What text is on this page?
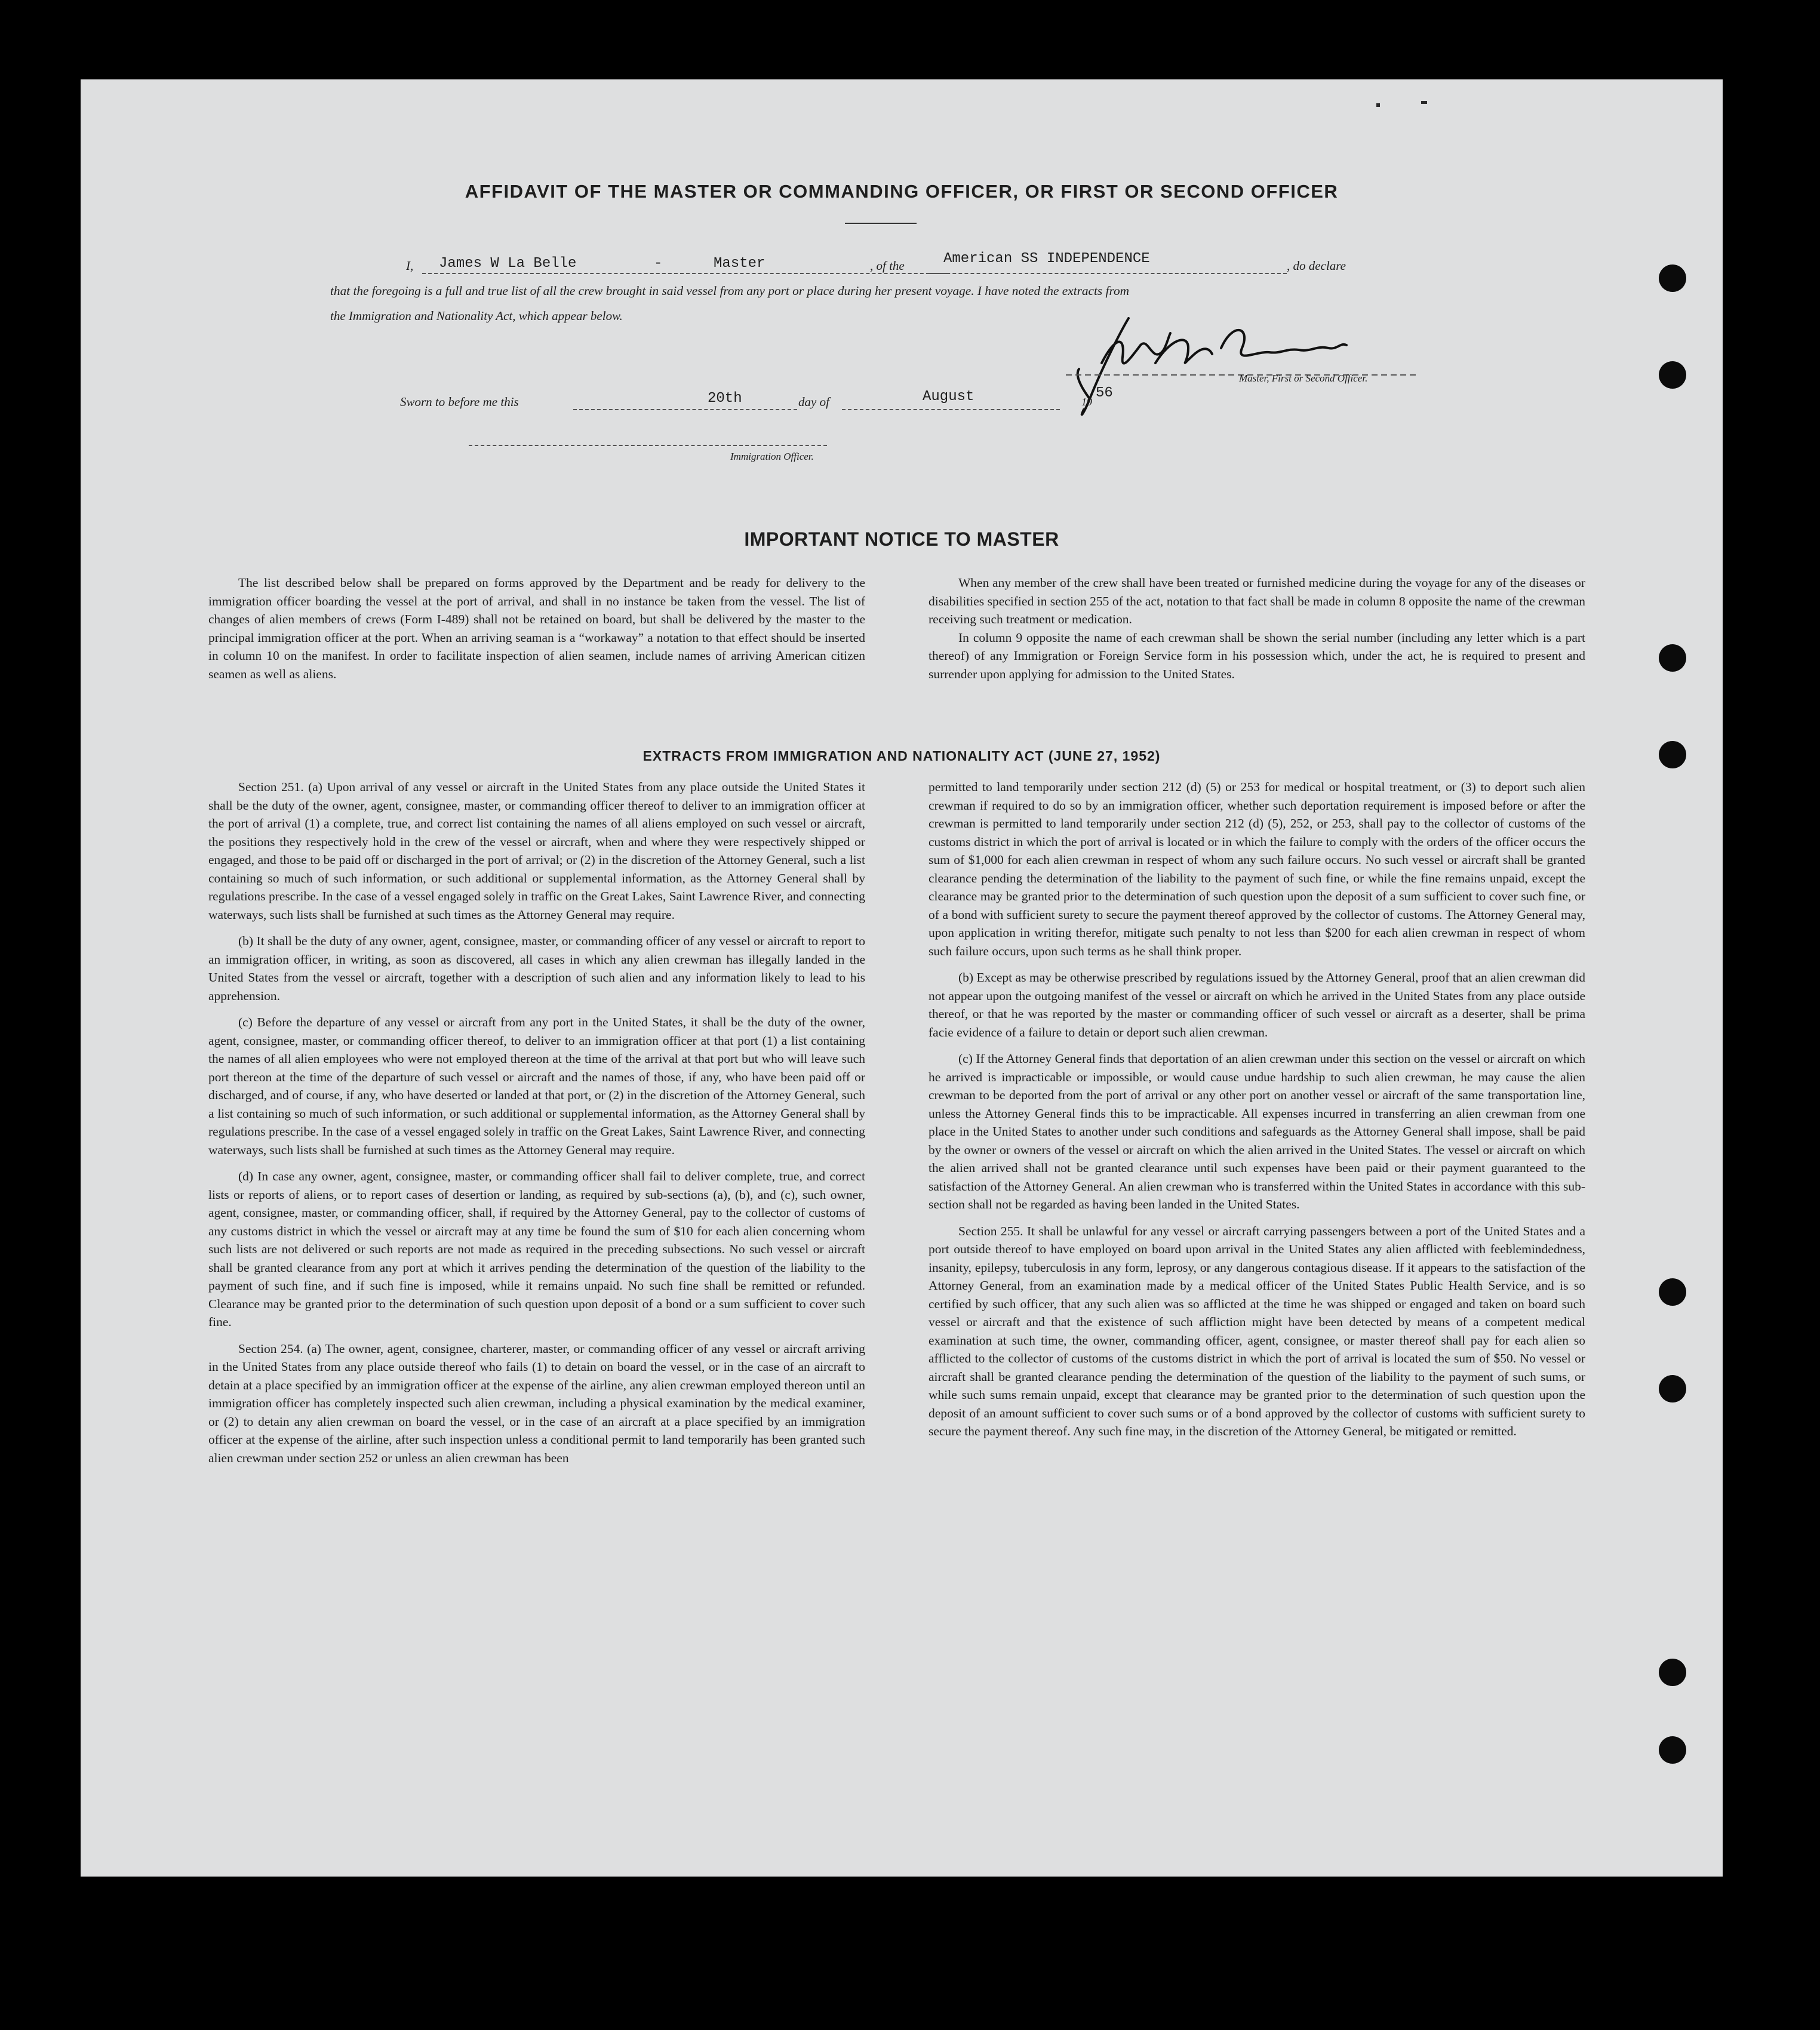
AFFIDAVIT OF THE MASTER OR COMMANDING OFFICER, OR FIRST OR SECOND OFFICER
I, James W La Belle	-	Master	, of the	American SS INDEPENDENCE	, do declare
that the foregoing is a full and true list of all the crew brought in said vessel from any port or place during her present voyage. I have noted the extracts from
the Immigration and Nationality Act, which appear below.
Master, First or Second Officer.
Sworn to before me this	20th	day of	August	19
56
Immigration Officer.
IMPORTANT NOTICE TO MASTER

The list described below shall be prepared on forms approved by the Department and be ready for delivery to the immigration officer boarding the vessel at the port of arrival, and shall in no instance be taken from the vessel. The list of changes of alien members of crews (Form I-489) shall not be retained on board, but shall be delivered by the master to the principal immigration officer at the port. When an arriving seaman is a “workaway” a notation to that effect should be inserted in column 10 on the manifest. In order to facilitate inspection of alien seamen, include names of arriving American citizen seamen as well as aliens.

When any member of the crew shall have been treated or furnished medicine during the voyage for any of the diseases or disabilities specified in section 255 of the act, notation to that fact shall be made in column 8 opposite the name of the crewman receiving such treatment or medication.

In column 9 opposite the name of each crewman shall be shown the serial number (including any letter which is a part thereof) of any Immigration or Foreign Service form in his possession which, under the act, he is required to present and surrender upon applying for admission to the United States.

EXTRACTS FROM IMMIGRATION AND NATIONALITY ACT (JUNE 27, 1952)

Section 251. (a) Upon arrival of any vessel or aircraft in the United States from any place outside the United States it shall be the duty of the owner, agent, consignee, master, or commanding officer thereof to deliver to an immigration officer at the port of arrival (1) a complete, true, and correct list containing the names of all aliens employed on such vessel or aircraft, the positions they respectively hold in the crew of the vessel or aircraft, when and where they were respectively shipped or engaged, and those to be paid off or discharged in the port of arrival; or (2) in the discretion of the Attorney General, such a list containing so much of such information, or such additional or supplemental information, as the Attorney General shall by regulations prescribe. In the case of a vessel engaged solely in traffic on the Great Lakes, Saint Lawrence River, and connecting waterways, such lists shall be furnished at such times as the Attorney General may require.

(b) It shall be the duty of any owner, agent, consignee, master, or commanding officer of any vessel or aircraft to report to an immigration officer, in writing, as soon as discovered, all cases in which any alien crewman has illegally landed in the United States from the vessel or aircraft, together with a description of such alien and any information likely to lead to his apprehension.

(c) Before the departure of any vessel or aircraft from any port in the United States, it shall be the duty of the owner, agent, consignee, master, or commanding officer thereof, to deliver to an immigration officer at that port (1) a list containing the names of all alien employees who were not employed thereon at the time of the arrival at that port but who will leave such port thereon at the time of the departure of such vessel or aircraft and the names of those, if any, who have been paid off or discharged, and of course, if any, who have deserted or landed at that port, or (2) in the discretion of the Attorney General, such a list containing so much of such information, or such additional or supplemental information, as the Attorney General shall by regulations prescribe. In the case of a vessel engaged solely in traffic on the Great Lakes, Saint Lawrence River, and connecting waterways, such lists shall be furnished at such times as the Attorney General may require.

(d) In case any owner, agent, consignee, master, or commanding officer shall fail to deliver complete, true, and correct lists or reports of aliens, or to report cases of desertion or landing, as required by sub-sections (a), (b), and (c), such owner, agent, consignee, master, or commanding officer, shall, if required by the Attorney General, pay to the collector of customs of any customs district in which the vessel or aircraft may at any time be found the sum of $10 for each alien concerning whom such lists are not delivered or such reports are not made as required in the preceding subsections. No such vessel or aircraft shall be granted clearance from any port at which it arrives pending the determination of the question of the liability to the payment of such fine, and if such fine is imposed, while it remains unpaid. No such fine shall be remitted or refunded. Clearance may be granted prior to the determination of such question upon deposit of a bond or a sum sufficient to cover such fine.

Section 254. (a) The owner, agent, consignee, charterer, master, or commanding officer of any vessel or aircraft arriving in the United States from any place outside thereof who fails (1) to detain on board the vessel, or in the case of an aircraft to detain at a place specified by an immigration officer at the expense of the airline, any alien crewman employed thereon until an immigration officer has completely inspected such alien crewman, including a physical examination by the medical examiner, or (2) to detain any alien crewman on board the vessel, or in the case of an aircraft at a place specified by an immigration officer at the expense of the airline, after such inspection unless a conditional permit to land temporarily has been granted such alien crewman under section 252 or unless an alien crewman has been

permitted to land temporarily under section 212 (d) (5) or 253 for medical or hospital treatment, or (3) to deport such alien crewman if required to do so by an immigration officer, whether such deportation requirement is imposed before or after the crewman is permitted to land temporarily under section 212 (d) (5), 252, or 253, shall pay to the collector of customs of the customs district in which the port of arrival is located or in which the failure to comply with the orders of the officer occurs the sum of $1,000 for each alien crewman in respect of whom any such failure occurs. No such vessel or aircraft shall be granted clearance pending the determination of the liability to the payment of such fine, or while the fine remains unpaid, except the clearance may be granted prior to the determination of such question upon the deposit of a sum sufficient to cover such fine, or of a bond with sufficient surety to secure the payment thereof approved by the collector of customs. The Attorney General may, upon application in writing therefor, mitigate such penalty to not less than $200 for each alien crewman in respect of whom such failure occurs, upon such terms as he shall think proper.

(b) Except as may be otherwise prescribed by regulations issued by the Attorney General, proof that an alien crewman did not appear upon the outgoing manifest of the vessel or aircraft on which he arrived in the United States from any place outside thereof, or that he was reported by the master or commanding officer of such vessel or aircraft as a deserter, shall be prima facie evidence of a failure to detain or deport such alien crewman.

(c) If the Attorney General finds that deportation of an alien crewman under this section on the vessel or aircraft on which he arrived is impracticable or impossible, or would cause undue hardship to such alien crewman, he may cause the alien crewman to be deported from the port of arrival or any other port on another vessel or aircraft of the same transportation line, unless the Attorney General finds this to be impracticable. All expenses incurred in transferring an alien crewman from one place in the United States to another under such conditions and safeguards as the Attorney General shall impose, shall be paid by the owner or owners of the vessel or aircraft on which the alien arrived in the United States. The vessel or aircraft on which the alien arrived shall not be granted clearance until such expenses have been paid or their payment guaranteed to the satisfaction of the Attorney General. An alien crewman who is transferred within the United States in accordance with this sub-section shall not be regarded as having been landed in the United States.

Section 255. It shall be unlawful for any vessel or aircraft carrying passengers between a port of the United States and a port outside thereof to have employed on board upon arrival in the United States any alien afflicted with feeblemindedness, insanity, epilepsy, tuberculosis in any form, leprosy, or any dangerous contagious disease. If it appears to the satisfaction of the Attorney General, from an examination made by a medical officer of the United States Public Health Service, and is so certified by such officer, that any such alien was so afflicted at the time he was shipped or engaged and taken on board such vessel or aircraft and that the existence of such affliction might have been detected by means of a competent medical examination at such time, the owner, commanding officer, agent, consignee, or master thereof shall pay for each alien so afflicted to the collector of customs of the customs district in which the port of arrival is located the sum of $50. No vessel or aircraft shall be granted clearance pending the determination of the question of the liability to the payment of such sums, or while such sums remain unpaid, except that clearance may be granted prior to the determination of such question upon the deposit of an amount sufficient to cover such sums or of a bond approved by the collector of customs with sufficient surety to secure the payment thereof. Any such fine may, in the discretion of the Attorney General, be mitigated or remitted.
